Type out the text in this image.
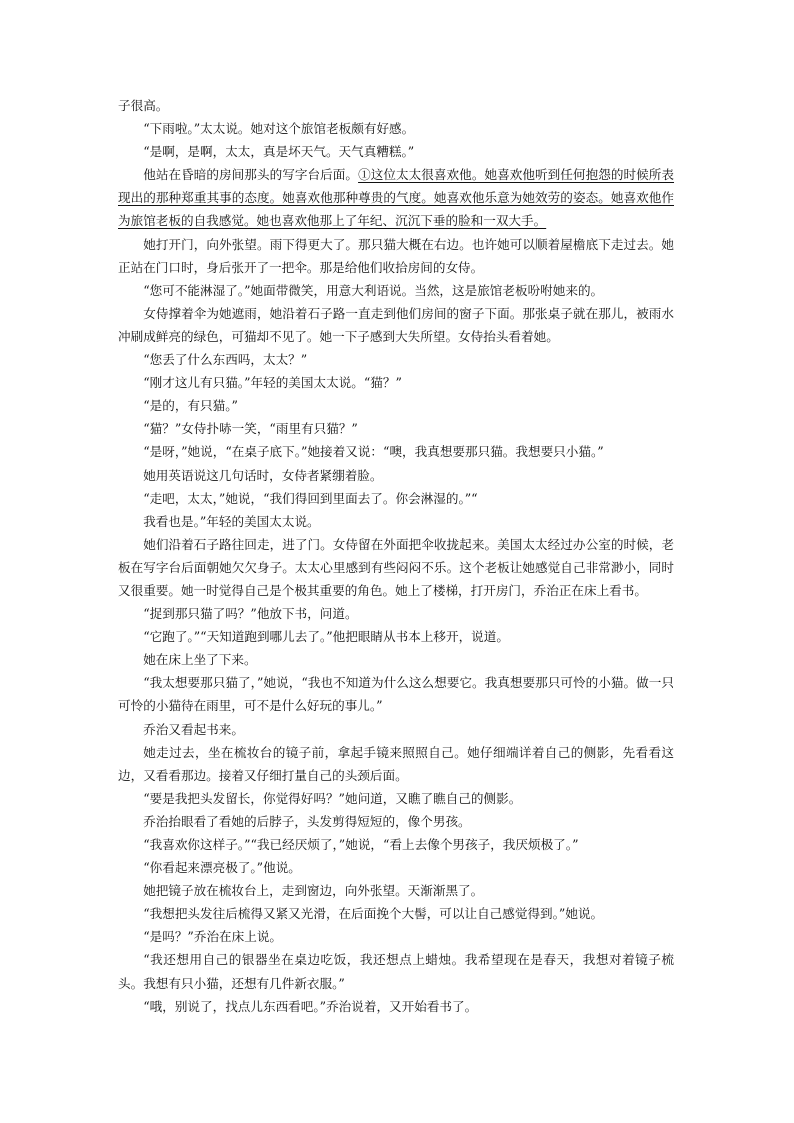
子很高。

“下雨啦。”太太说。她对这个旅馆老板颇有好感。

“是啊，是啊，太太，真是坏天气。天气真糟糕。”

他站在昏暗的房间那头的写字台后面。①这位太太很喜欢他。她喜欢他听到任何抱怨的时候所表现出的那种郑重其事的态度。她喜欢他那种尊贵的气度。她喜欢他乐意为她效劳的姿态。她喜欢他作为旅馆老板的自我感觉。她也喜欢他那上了年纪、沉沉下垂的脸和一双大手。

她打开门，向外张望。雨下得更大了。那只猫大概在右边。也许她可以顺着屋檐底下走过去。她正站在门口时，身后张开了一把伞。那是给他们收拾房间的女侍。

“您可不能淋湿了。”她面带微笑，用意大利语说。当然，这是旅馆老板吩咐她来的。

女侍撑着伞为她遮雨，她沿着石子路一直走到他们房间的窗子下面。那张桌子就在那儿，被雨水冲刷成鲜亮的绿色，可猫却不见了。她一下子感到大失所望。女侍抬头看着她。

“您丢了什么东西吗，太太？”

“刚才这儿有只猫。”年轻的美国太太说。“猫？”

“是的，有只猫。”

“猫？”女侍扑哧一笑，“雨里有只猫？”

“是呀，”她说，“在桌子底下。”她接着又说：“噢，我真想要那只猫。我想要只小猫。”

她用英语说这几句话时，女侍者紧绷着脸。

“走吧，太太，”她说，“我们得回到里面去了。你会淋湿的。”“

我看也是。”年轻的美国太太说。

她们沿着石子路往回走，进了门。女侍留在外面把伞收拢起来。美国太太经过办公室的时候，老板在写字台后面朝她欠欠身子。太太心里感到有些闷闷不乐。这个老板让她感觉自己非常渺小，同时又很重要。她一时觉得自己是个极其重要的角色。她上了楼梯，打开房门，乔治正在床上看书。

“捉到那只猫了吗？”他放下书，问道。

“它跑了。”“天知道跑到哪儿去了。”他把眼睛从书本上移开，说道。

她在床上坐了下来。

“我太想要那只猫了，”她说，“我也不知道为什么这么想要它。我真想要那只可怜的小猫。做一只可怜的小猫待在雨里，可不是什么好玩的事儿。”

乔治又看起书来。

她走过去，坐在梳妆台的镜子前，拿起手镜来照照自己。她仔细端详着自己的侧影，先看看这边，又看看那边。接着又仔细打量自己的头颈后面。

“要是我把头发留长，你觉得好吗？”她问道，又瞧了瞧自己的侧影。

乔治抬眼看了看她的后脖子，头发剪得短短的，像个男孩。

“我喜欢你这样子。”“我已经厌烦了，”她说，“看上去像个男孩子，我厌烦极了。”

“你看起来漂亮极了。”他说。

她把镜子放在梳妆台上，走到窗边，向外张望。天渐渐黑了。

“我想把头发往后梳得又紧又光滑，在后面挽个大髻，可以让自己感觉得到。”她说。

“是吗？”乔治在床上说。

“我还想用自己的银器坐在桌边吃饭，我还想点上蜡烛。我希望现在是春天，我想对着镜子梳头。我想有只小猫，还想有几件新衣服。”

“哦，别说了，找点儿东西看吧。”乔治说着，又开始看书了。
